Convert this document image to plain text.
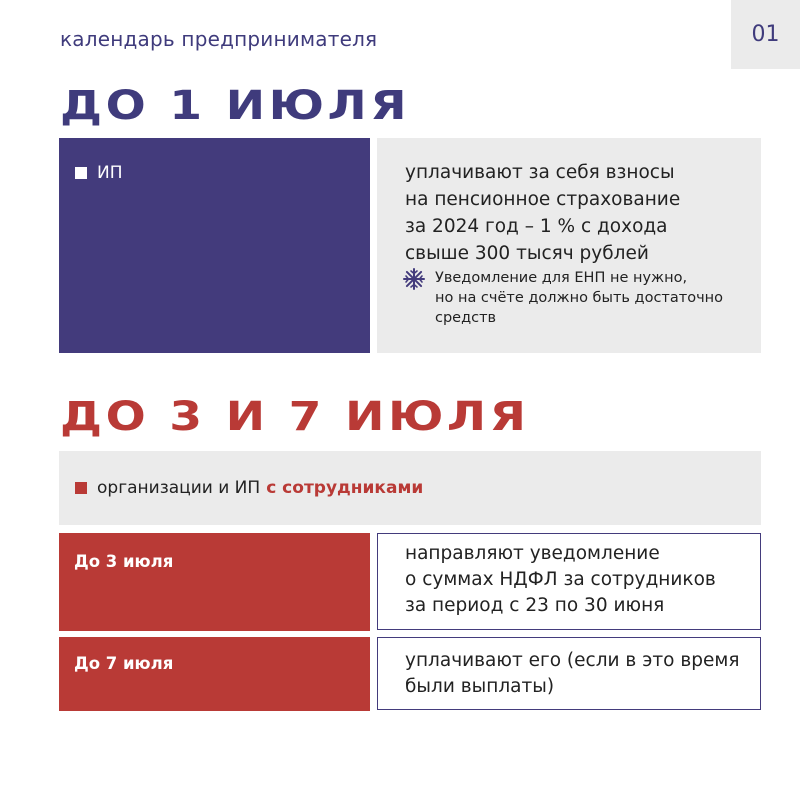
календарь предпринимателя	01
ДО 1 ИЮЛЯ
ИП	уплачивают за себя взносы
на пенсионное страхование
за 2024 год – 1 % с дохода
свыше 300 тысяч рублей
Уведомление для ЕНП не нужно,
но на счёте должно быть достаточно
средств
ДО 3 И 7 ИЮЛЯ
организации и ИП с сотрудниками
До 3 июля	направляют уведомление
о суммах НДФЛ за сотрудников
за период с 23 по 30 июня
До 7 июля	уплачивают его (если в это время
были выплаты)
